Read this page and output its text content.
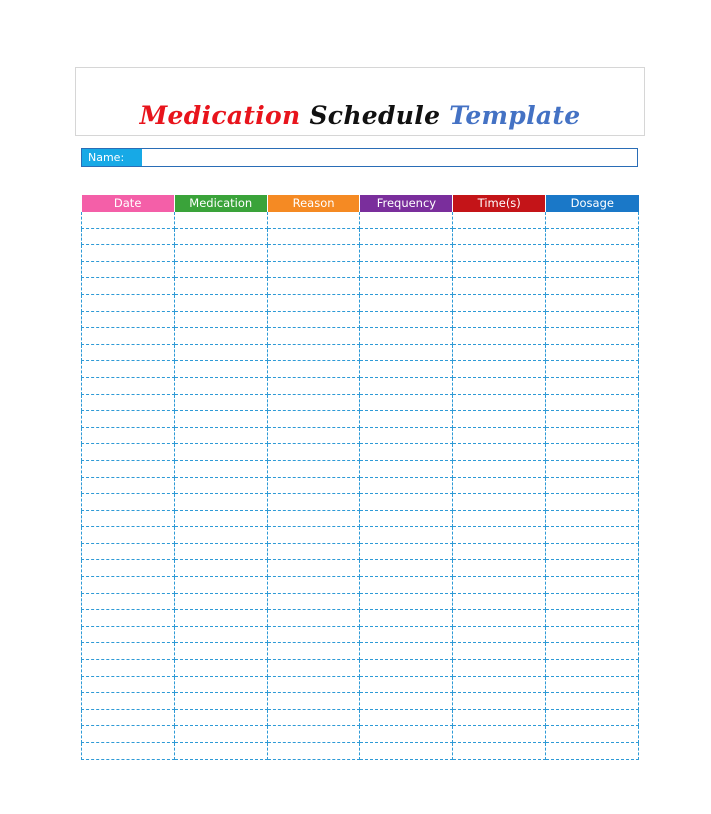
Medication Schedule Template
Name:
Date	Medication	Reason	Frequency	Time(s)	Dosage
